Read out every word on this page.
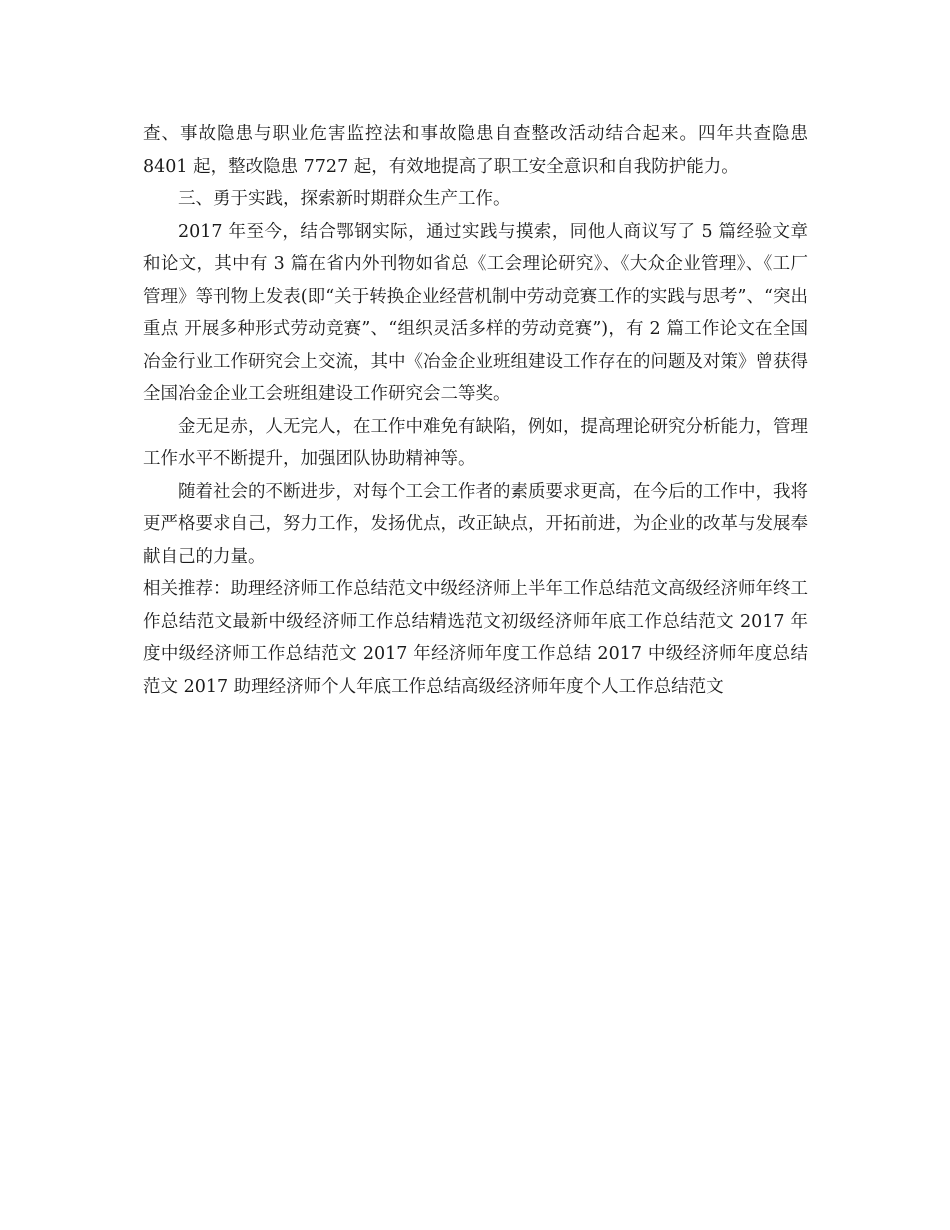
查、事故隐患与职业危害监控法和事故隐患自查整改活动结合起来。四年共查隐患 8401 起，整改隐患 7727 起，有效地提高了职工安全意识和自我防护能力。

三、勇于实践，探索新时期群众生产工作。

2017 年至今，结合鄂钢实际，通过实践与摸索，同他人商议写了 5 篇经验文章和论文，其中有 3 篇在省内外刊物如省总《工会理论研究》、《大众企业管理》、《工厂管理》等刊物上发表(即“关于转换企业经营机制中劳动竞赛工作的实践与思考”、“突出重点 开展多种形式劳动竞赛”、“组织灵活多样的劳动竞赛”)，有 2 篇工作论文在全国冶金行业工作研究会上交流，其中《冶金企业班组建设工作存在的问题及对策》曾获得全国冶金企业工会班组建设工作研究会二等奖。

金无足赤，人无完人，在工作中难免有缺陷，例如，提高理论研究分析能力，管理工作水平不断提升，加强团队协助精神等。

随着社会的不断进步，对每个工会工作者的素质要求更高，在今后的工作中，我将更严格要求自己，努力工作，发扬优点，改正缺点，开拓前进，为企业的改革与发展奉献自己的力量。

相关推荐：助理经济师工作总结范文中级经济师上半年工作总结范文高级经济师年终工作总结范文最新中级经济师工作总结精选范文初级经济师年底工作总结范文 2017 年度中级经济师工作总结范文 2017 年经济师年度工作总结 2017 中级经济师年度总结范文 2017 助理经济师个人年底工作总结高级经济师年度个人工作总结范文
